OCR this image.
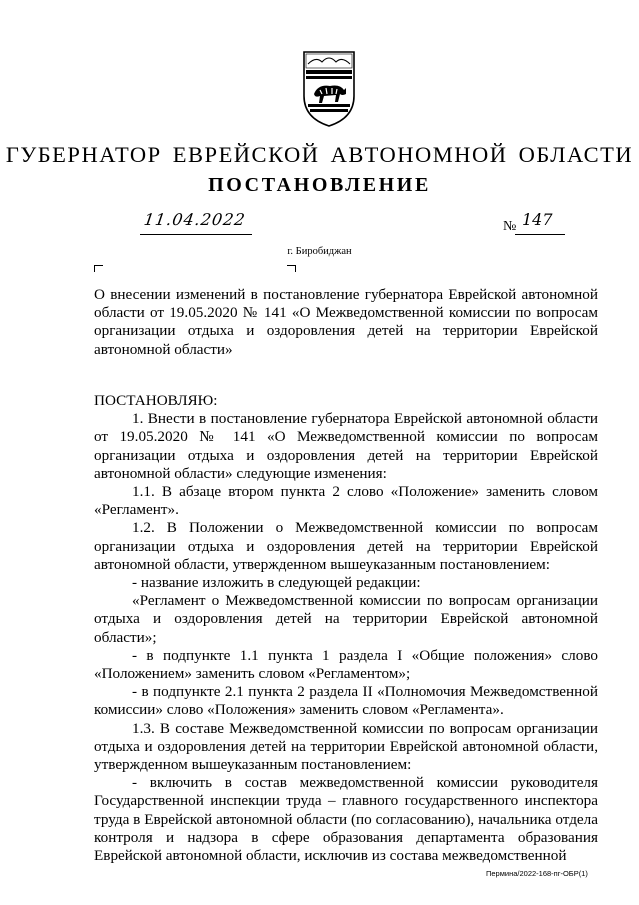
ГУБЕРНАТОР ЕВРЕЙСКОЙ АВТОНОМНОЙ ОБЛАСТИ
ПОСТАНОВЛЕНИЕ
11.04.2022	№ 147
г. Биробиджан

О внесении изменений в постановление губернатора Еврейской автономной области от 19.05.2020 № 141 «О Межведомственной комиссии по вопросам организации отдыха и оздоровления детей на территории Еврейской автономной области»

ПОСТАНОВЛЯЮ:

1. Внести в постановление губернатора Еврейской автономной области от 19.05.2020 № 141 «О Межведомственной комиссии по вопросам организации отдыха и оздоровления детей на территории Еврейской автономной области» следующие изменения:

1.1. В абзаце втором пункта 2 слово «Положение» заменить словом «Регламент».

1.2. В Положении о Межведомственной комиссии по вопросам организации отдыха и оздоровления детей на территории Еврейской автономной области, утвержденном вышеуказанным постановлением:

- название изложить в следующей редакции:

«Регламент о Межведомственной комиссии по вопросам организации отдыха и оздоровления детей на территории Еврейской автономной области»;

- в подпункте 1.1 пункта 1 раздела I «Общие положения» слово «Положением» заменить словом «Регламентом»;

- в подпункте 2.1 пункта 2 раздела II «Полномочия Межведомственной комиссии» слово «Положения» заменить словом «Регламента».

1.3. В составе Межведомственной комиссии по вопросам организации отдыха и оздоровления детей на территории Еврейской автономной области, утвержденном вышеуказанным постановлением:

- включить в состав межведомственной комиссии руководителя Государственной инспекции труда – главного государственного инспектора труда в Еврейской автономной области (по согласованию), начальника отдела контроля и надзора в сфере образования департамента образования Еврейской автономной области, исключив из состава межведомственной

Пермина/2022-168-пг-ОБР(1)
